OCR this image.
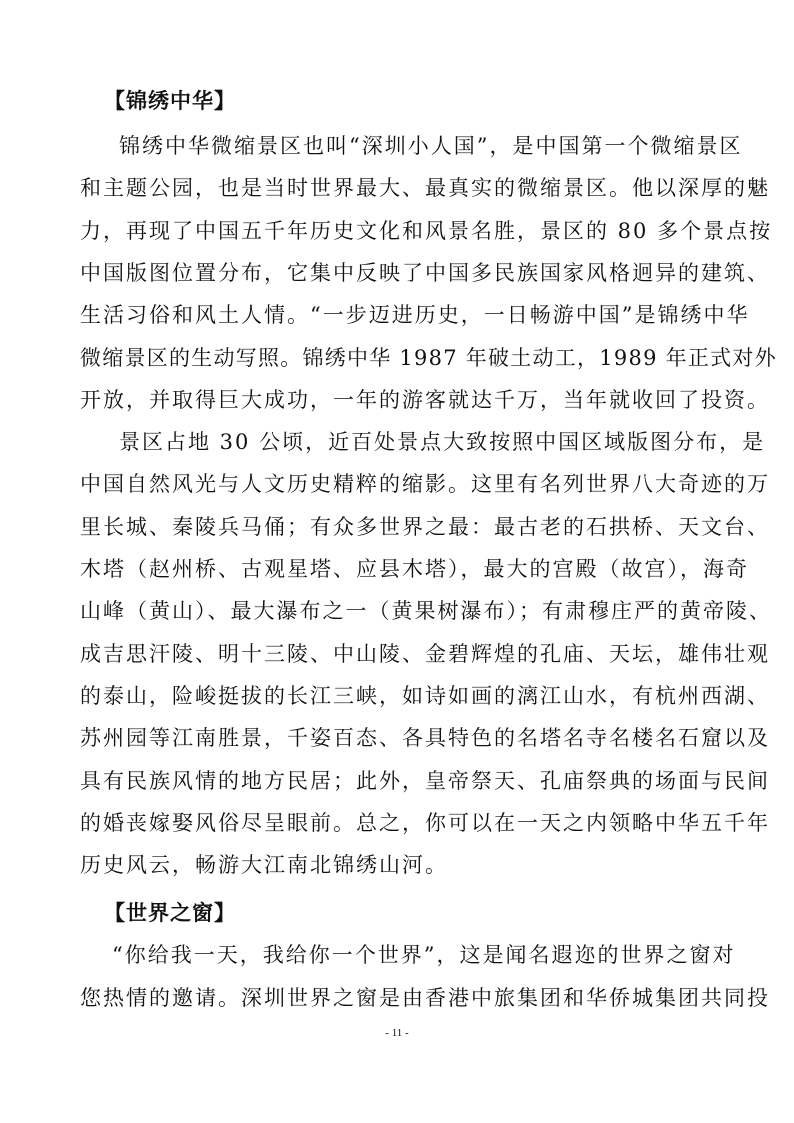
【锦绣中华】
锦绣中华微缩景区也叫“深圳小人国”，是中国第一个微缩景区
和主题公园，也是当时世界最大、最真实的微缩景区。他以深厚的魅
力，再现了中国五千年历史文化和风景名胜，景区的 80 多个景点按
中国版图位置分布，它集中反映了中国多民族国家风格迥异的建筑、
生活习俗和风土人情。“一步迈进历史，一日畅游中国”是锦绣中华
微缩景区的生动写照。锦绣中华 1987 年破土动工，1989 年正式对外
开放，并取得巨大成功，一年的游客就达千万，当年就收回了投资。
景区占地 30 公顷，近百处景点大致按照中国区域版图分布，是
中国自然风光与人文历史精粹的缩影。这里有名列世界八大奇迹的万
里长城、秦陵兵马俑；有众多世界之最：最古老的石拱桥、天文台、
木塔（赵州桥、古观星塔、应县木塔），最大的宫殿（故宫），海奇
山峰（黄山）、最大瀑布之一（黄果树瀑布）；有肃穆庄严的黄帝陵、
成吉思汗陵、明十三陵、中山陵、金碧辉煌的孔庙、天坛，雄伟壮观
的泰山，险峻挺拔的长江三峡，如诗如画的漓江山水，有杭州西湖、
苏州园等江南胜景，千姿百态、各具特色的名塔名寺名楼名石窟以及
具有民族风情的地方民居；此外，皇帝祭天、孔庙祭典的场面与民间
的婚丧嫁娶风俗尽呈眼前。总之，你可以在一天之内领略中华五千年
历史风云，畅游大江南北锦绣山河。
【世界之窗】
“你给我一天，我给你一个世界”，这是闻名遐迩的世界之窗对
您热情的邀请。深圳世界之窗是由香港中旅集团和华侨城集团共同投
- 11 -
